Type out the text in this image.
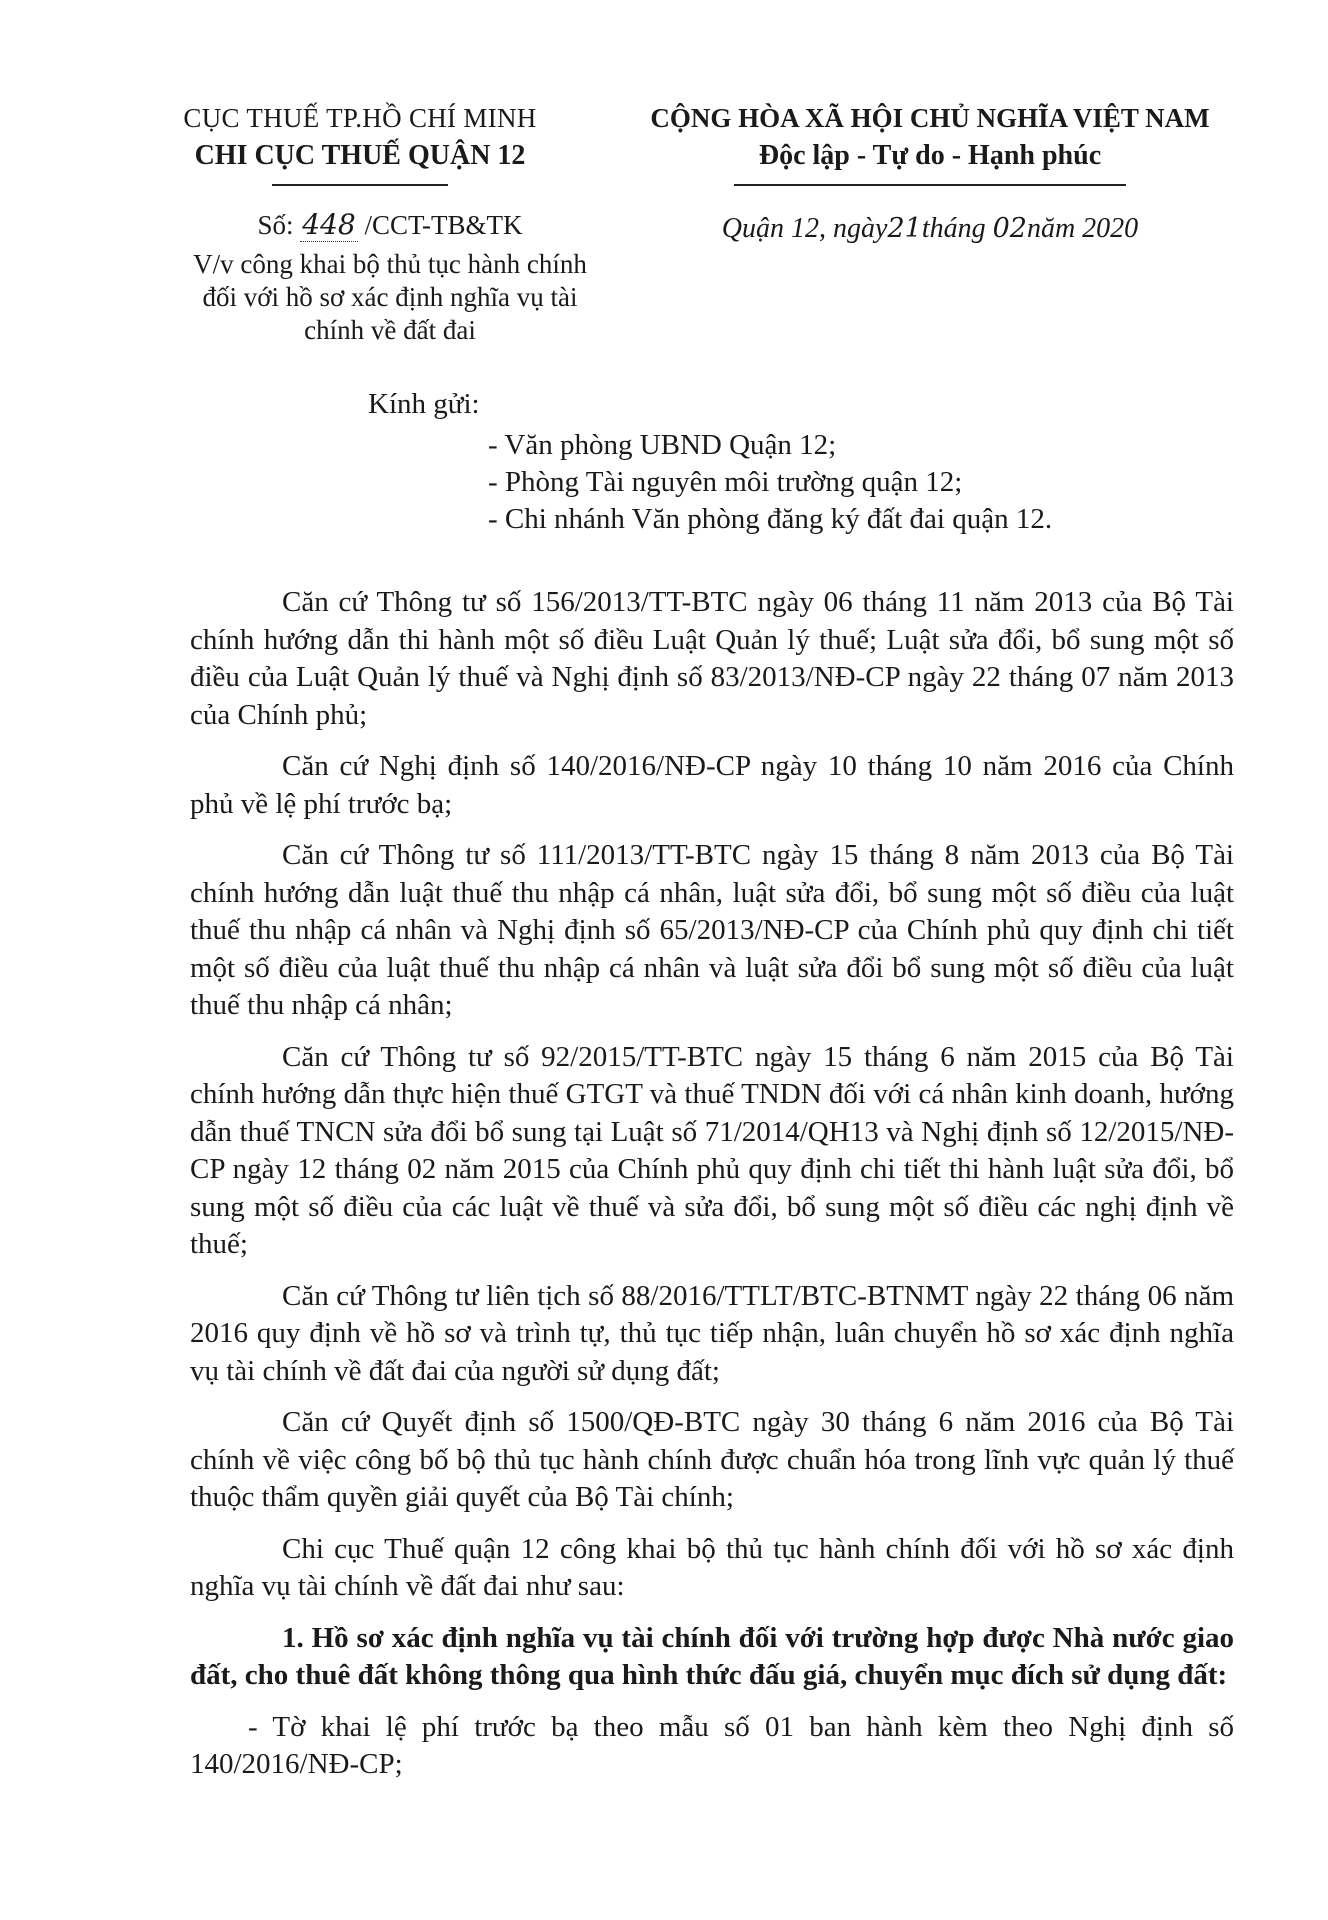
CỤC THUẾ TP.HỒ CHÍ MINH
CHI CỤC THUẾ QUẬN 12
CỘNG HÒA XÃ HỘI CHỦ NGHĨA VIỆT NAM
Độc lập - Tự do - Hạnh phúc
Số: 448 /CCT-TB&TK
V/v công khai bộ thủ tục hành chính
đối với hồ sơ xác định nghĩa vụ tài
chính về đất đai
Quận 12, ngày21tháng 02năm 2020
Kính gửi:
- Văn phòng UBND Quận 12;
- Phòng Tài nguyên môi trường quận 12;
- Chi nhánh Văn phòng đăng ký đất đai quận 12.

Căn cứ Thông tư số 156/2013/TT-BTC ngày 06 tháng 11 năm 2013 của Bộ Tài chính hướng dẫn thi hành một số điều Luật Quản lý thuế; Luật sửa đổi, bổ sung một số điều của Luật Quản lý thuế và Nghị định số 83/2013/NĐ-CP ngày 22 tháng 07 năm 2013 của Chính phủ;

Căn cứ Nghị định số 140/2016/NĐ-CP ngày 10 tháng 10 năm 2016 của Chính phủ về lệ phí trước bạ;

Căn cứ Thông tư số 111/2013/TT-BTC ngày 15 tháng 8 năm 2013 của Bộ Tài chính hướng dẫn luật thuế thu nhập cá nhân, luật sửa đổi, bổ sung một số điều của luật thuế thu nhập cá nhân và Nghị định số 65/2013/NĐ-CP của Chính phủ quy định chi tiết một số điều của luật thuế thu nhập cá nhân và luật sửa đổi bổ sung một số điều của luật thuế thu nhập cá nhân;

Căn cứ Thông tư số 92/2015/TT-BTC ngày 15 tháng 6 năm 2015 của Bộ Tài chính hướng dẫn thực hiện thuế GTGT và thuế TNDN đối với cá nhân kinh doanh, hướng dẫn thuế TNCN sửa đổi bổ sung tại Luật số 71/2014/QH13 và Nghị định số 12/2015/NĐ-CP ngày 12 tháng 02 năm 2015 của Chính phủ quy định chi tiết thi hành luật sửa đổi, bổ sung một số điều của các luật về thuế và sửa đổi, bổ sung một số điều các nghị định về thuế;

Căn cứ Thông tư liên tịch số 88/2016/TTLT/BTC-BTNMT ngày 22 tháng 06 năm 2016 quy định về hồ sơ và trình tự, thủ tục tiếp nhận, luân chuyển hồ sơ xác định nghĩa vụ tài chính về đất đai của người sử dụng đất;

Căn cứ Quyết định số 1500/QĐ-BTC ngày 30 tháng 6 năm 2016 của Bộ Tài chính về việc công bố bộ thủ tục hành chính được chuẩn hóa trong lĩnh vực quản lý thuế thuộc thẩm quyền giải quyết của Bộ Tài chính;

Chi cục Thuế quận 12 công khai bộ thủ tục hành chính đối với hồ sơ xác định nghĩa vụ tài chính về đất đai như sau:

1. Hồ sơ xác định nghĩa vụ tài chính đối với trường hợp được Nhà nước giao đất, cho thuê đất không thông qua hình thức đấu giá, chuyển mục đích sử dụng đất:

- Tờ khai lệ phí trước bạ theo mẫu số 01 ban hành kèm theo Nghị định số 140/2016/NĐ-CP;
